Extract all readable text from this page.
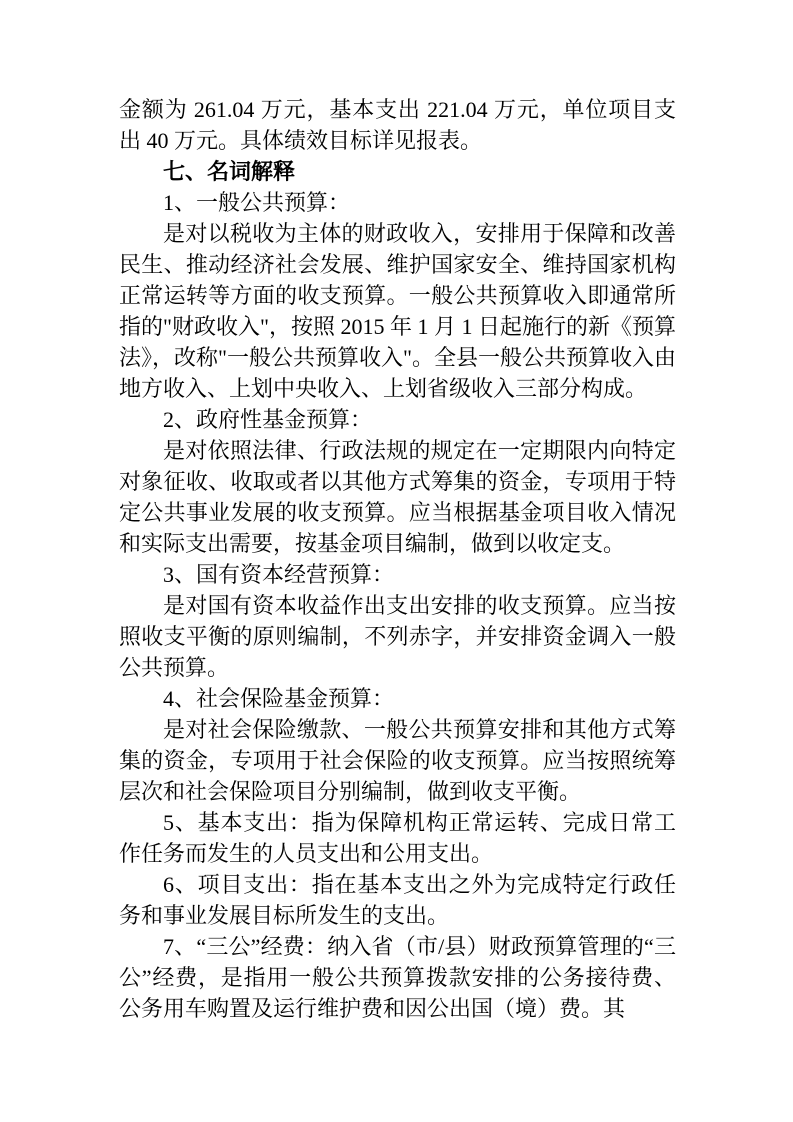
金额为 261.04 万元，基本支出 221.04 万元，单位项目支出 40 万元。具体绩效目标详见报表。

七、名词解释

1、一般公共预算：

是对以税收为主体的财政收入，安排用于保障和改善民生、推动经济社会发展、维护国家安全、维持国家机构正常运转等方面的收支预算。一般公共预算收入即通常所指的"财政收入"，按照 2015 年 1 月 1 日起施行的新《预算法》，改称"一般公共预算收入"。全县一般公共预算收入由地方收入、上划中央收入、上划省级收入三部分构成。

2、政府性基金预算：

是对依照法律、行政法规的规定在一定期限内向特定对象征收、收取或者以其他方式筹集的资金，专项用于特定公共事业发展的收支预算。应当根据基金项目收入情况和实际支出需要，按基金项目编制，做到以收定支。

3、国有资本经营预算：

是对国有资本收益作出支出安排的收支预算。应当按照收支平衡的原则编制，不列赤字，并安排资金调入一般公共预算。

4、社会保险基金预算：

是对社会保险缴款、一般公共预算安排和其他方式筹集的资金，专项用于社会保险的收支预算。应当按照统筹层次和社会保险项目分别编制，做到收支平衡。

5、基本支出：指为保障机构正常运转、完成日常工作任务而发生的人员支出和公用支出。

6、项目支出：指在基本支出之外为完成特定行政任务和事业发展目标所发生的支出。

7、“三公”经费：纳入省（市/县）财政预算管理的“三公”经费，是指用一般公共预算拨款安排的公务接待费、公务用车购置及运行维护费和因公出国（境）费。其
